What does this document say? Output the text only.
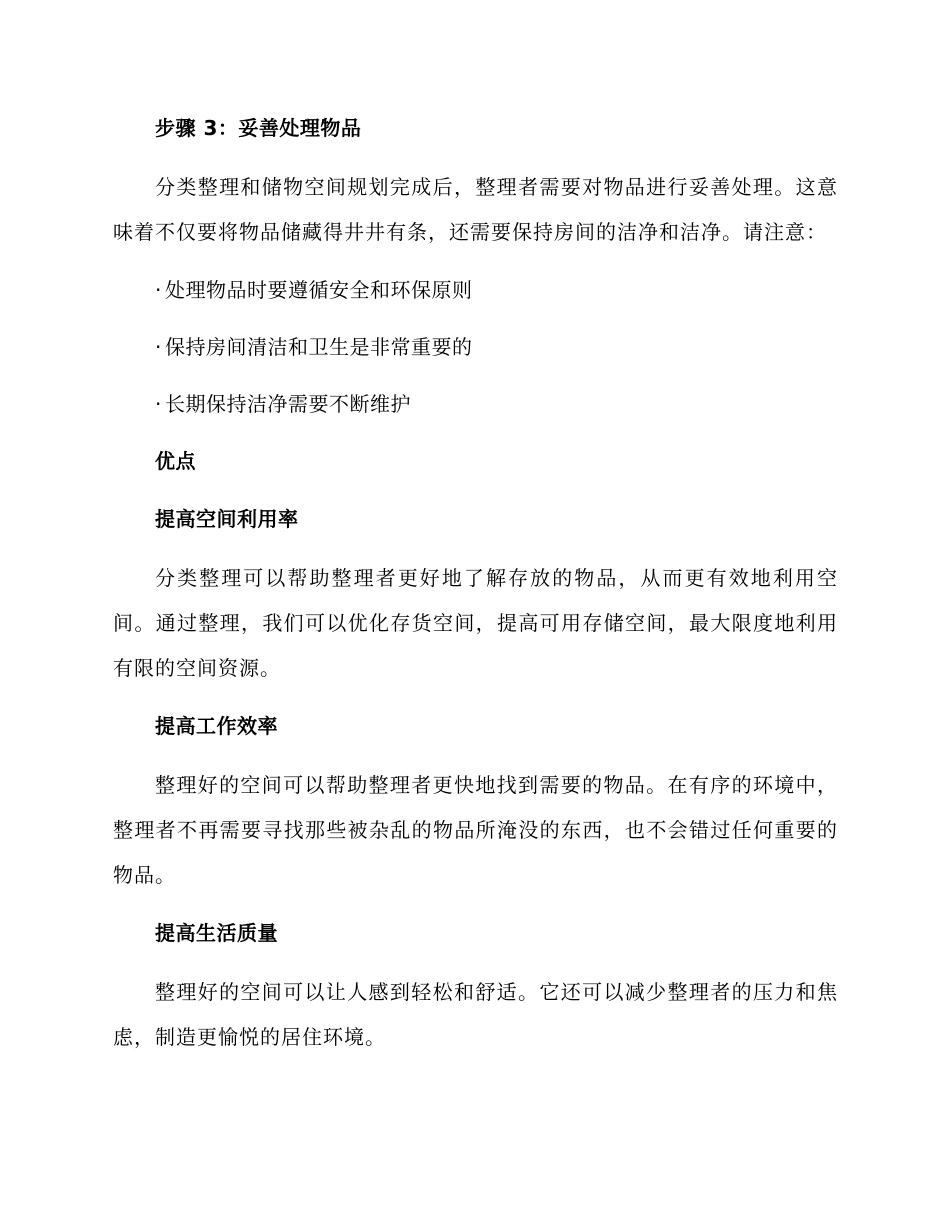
步骤 3：妥善处理物品
分类整理和储物空间规划完成后，整理者需要对物品进行妥善处理。这意味着不仅要将物品储藏得井井有条，还需要保持房间的洁净和洁净。请注意：
· 处理物品时要遵循安全和环保原则
· 保持房间清洁和卫生是非常重要的
· 长期保持洁净需要不断维护
优点
提高空间利用率
分类整理可以帮助整理者更好地了解存放的物品，从而更有效地利用空间。通过整理，我们可以优化存货空间，提高可用存储空间，最大限度地利用有限的空间资源。
提高工作效率
整理好的空间可以帮助整理者更快地找到需要的物品。在有序的环境中，整理者不再需要寻找那些被杂乱的物品所淹没的东西，也不会错过任何重要的物品。
提高生活质量
整理好的空间可以让人感到轻松和舒适。它还可以减少整理者的压力和焦虑，制造更愉悦的居住环境。
